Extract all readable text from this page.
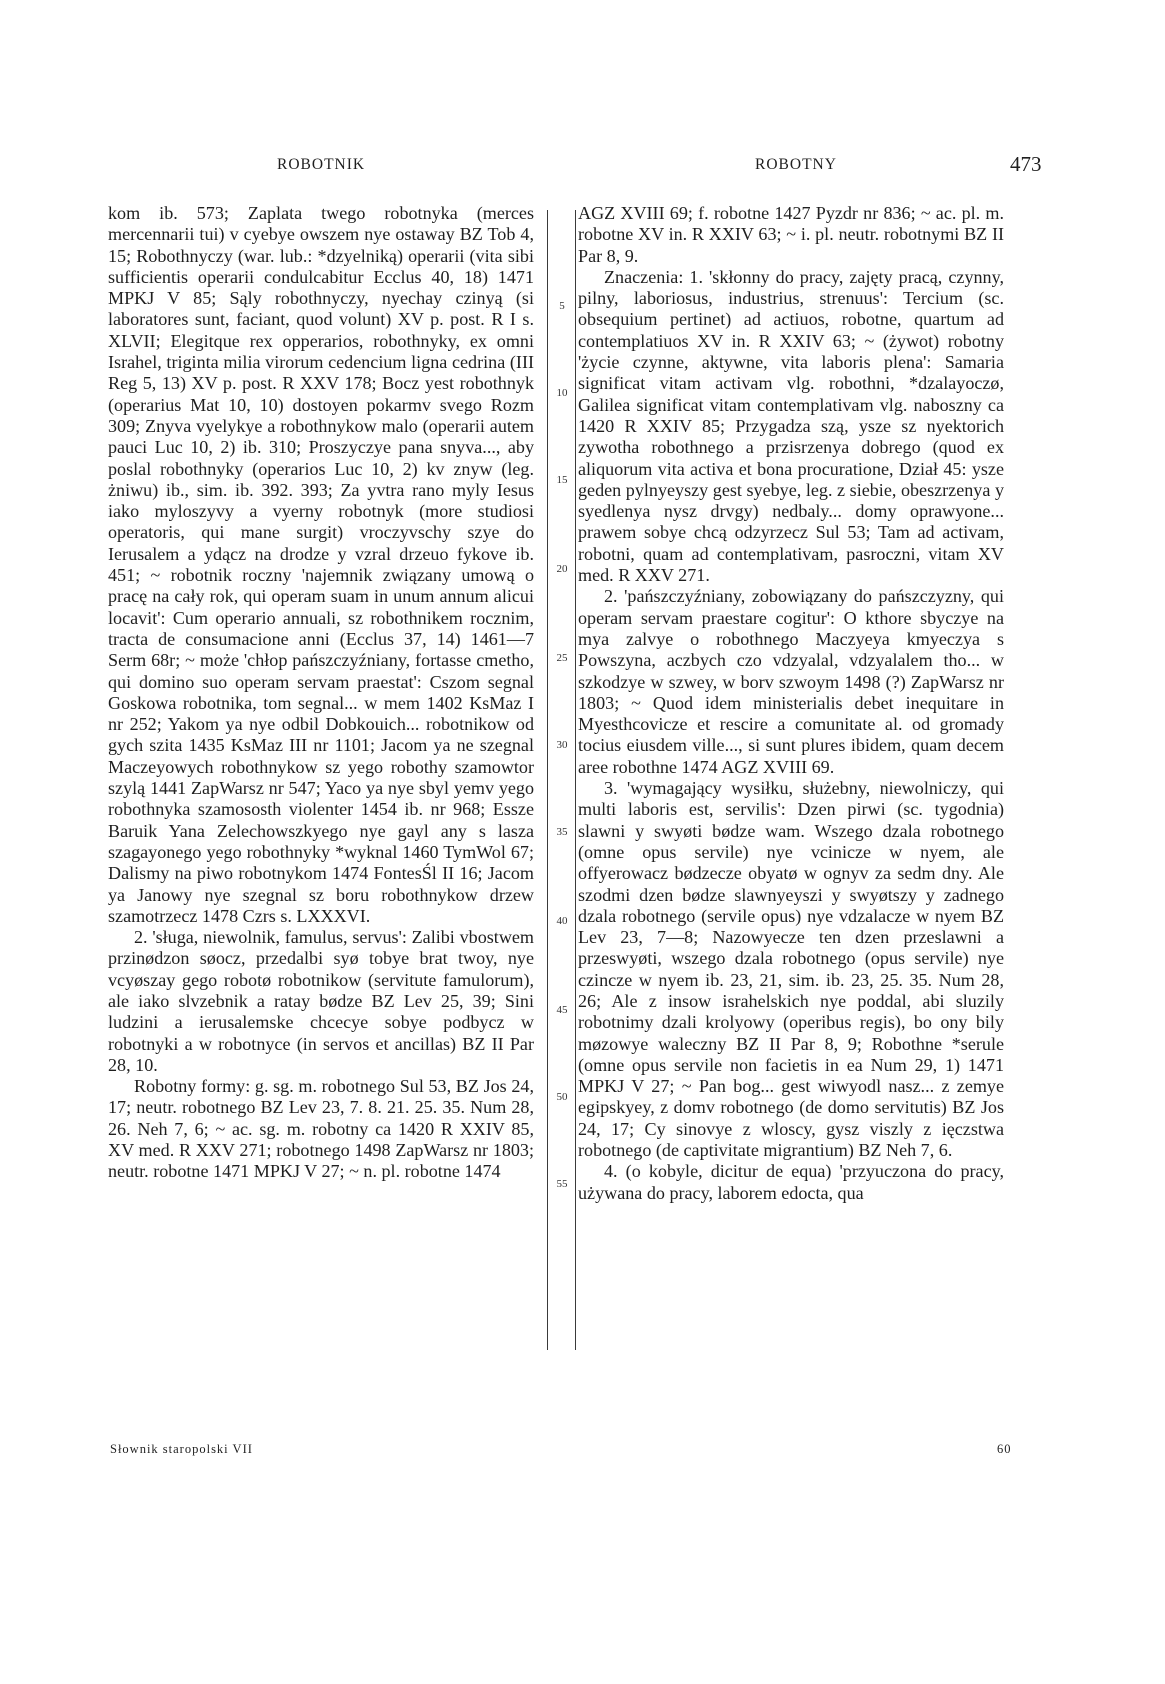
ROBOTNIK	ROBOTNY	473

kom ib. 573; Zaplata twego robotnyka (merces mercennarii tui) v cyebye owszem nye ostaway BZ Tob 4, 15; Robothnyczy (war. lub.: *dzyelniką) operarii (vita sibi sufficientis operarii condulcabitur Ecclus 40, 18) 1471 MPKJ V 85; Sąly robothnyczy, nyechay czinyą (si laboratores sunt, faciant, quod volunt) XV p. post. R I s. XLVII; Elegitque rex opperarios, robothnyky, ex omni Israhel, triginta milia virorum cedencium ligna cedrina (III Reg 5, 13) XV p. post. R XXV 178; Bocz yest robothnyk (operarius Mat 10, 10) dostoyen pokarmv svego Rozm 309; Znyva vyelykye a robothnykow malo (operarii autem pauci Luc 10, 2) ib. 310; Proszyczye pana snyva..., aby poslal robothnyky (operarios Luc 10, 2) kv znyw (leg. żniwu) ib., sim. ib. 392. 393; Za yvtra rano myly Iesus iako myloszyvy a vyerny robotnyk (more studiosi operatoris, qui mane surgit) vroczyvschy szye do Ierusalem a ydącz na drodze y vzral drzeuo fykove ib. 451; ~ robotnik roczny 'najemnik związany umową o pracę na cały rok, qui operam suam in unum annum alicui locavit': Cum operario annuali, sz robothnikem rocznim, tracta de consumacione anni (Ecclus 37, 14) 1461—7 Serm 68r; ~ może 'chłop pańszczyźniany, fortasse cmetho, qui domino suo operam servam praestat': Cszom segnal Goskowa robotnika, tom segnal... w mem 1402 KsMaz I nr 252; Yakom ya nye odbil Dobkouich... robotnikow od gych szita 1435 KsMaz III nr 1101; Jacom ya ne szegnal Maczeyowych robothnykow sz yego robothy szamowtor szylą 1441 ZapWarsz nr 547; Yaco ya nye sbyl yemv yego robothnyka szamososth violenter 1454 ib. nr 968; Essze Baruik Yana Zelechowszkyego nye gayl any s lasza szagayonego yego robothnyky *wyknal 1460 TymWol 67; Dalismy na piwo robotnykom 1474 FontesŚl II 16; Jacom ya Janowy nye szegnal sz boru robothnykow drzew szamotrzecz 1478 Czrs s. LXXXVI.

2. 'sługa, niewolnik, famulus, servus': Zalibi vbostwem przinødzon søocz, przedalbi syø tobye brat twoy, nye vcyøszay gego robotø robotnikow (servitute famulorum), ale iako slvzebnik a ratay bødze BZ Lev 25, 39; Sini ludzini a ierusalemske chcecye sobye podbycz w robotnyki a w robotnyce (in servos et ancillas) BZ II Par 28, 10.

Robotny formy: g. sg. m. robotnego Sul 53, BZ Jos 24, 17; neutr. robotnego BZ Lev 23, 7. 8. 21. 25. 35. Num 28, 26. Neh 7, 6; ~ ac. sg. m. robotny ca 1420 R XXIV 85, XV med. R XXV 271; robotnego 1498 ZapWarsz nr 1803; neutr. robotne 1471 MPKJ V 27; ~ n. pl. robotne 1474

5
10
15
20
25
30
35
40
45
50
55

AGZ XVIII 69; f. robotne 1427 Pyzdr nr 836; ~ ac. pl. m. robotne XV in. R XXIV 63; ~ i. pl. neutr. robotnymi BZ II Par 8, 9.

Znaczenia: 1. 'skłonny do pracy, zajęty pracą, czynny, pilny, laboriosus, industrius, strenuus': Tercium (sc. obsequium pertinet) ad actiuos, robotne, quartum ad contemplatiuos XV in. R XXIV 63; ~ (żywot) robotny 'życie czynne, aktywne, vita laboris plena': Samaria significat vitam activam vlg. robothni, *dzalayoczø, Galilea significat vitam contemplativam vlg. naboszny ca 1420 R XXIV 85; Przygadza szą, ysze sz nyektorich zywotha robothnego a przisrzenya dobrego (quod ex aliquorum vita activa et bona procuratione, Dział 45: ysze geden pylnyeyszy gest syebye, leg. z siebie, obeszrzenya y syedlenya nysz drvgy) nedbaly... domy oprawyone... prawem sobye chcą odzyrzecz Sul 53; Tam ad activam, robotni, quam ad contemplativam, pasroczni, vitam XV med. R XXV 271.

2. 'pańszczyźniany, zobowiązany do pańszczyzny, qui operam servam praestare cogitur': O kthore sbyczye na mya zalvye o robothnego Maczyeya kmyeczya s Powszyna, aczbych czo vdzyalal, vdzyalalem tho... w szkodzye w szwey, w borv szwoym 1498 (?) ZapWarsz nr 1803; ~ Quod idem ministerialis debet inequitare in Myesthcovicze et rescire a comunitate al. od gromady tocius eiusdem ville..., si sunt plures ibidem, quam decem aree robothne 1474 AGZ XVIII 69.

3. 'wymagający wysiłku, służebny, niewolniczy, qui multi laboris est, servilis': Dzen pirwi (sc. tygodnia) slawni y swyøti bødze wam. Wszego dzala robotnego (omne opus servile) nye vcinicze w nyem, ale offyerowacz bødzecze obyatø w ognyv za sedm dny. Ale szodmi dzen bødze slawnyeyszi y swyøtszy y zadnego dzala robotnego (servile opus) nye vdzalacze w nyem BZ Lev 23, 7—8; Nazowyecze ten dzen przeslawni a przeswyøti, wszego dzala robotnego (opus servile) nye czincze w nyem ib. 23, 21, sim. ib. 23, 25. 35. Num 28, 26; Ale z insow israhelskich nye poddal, abi sluzily robotnimy dzali krolyowy (operibus regis), bo ony bily møzowye waleczny BZ II Par 8, 9; Robothne *serule (omne opus servile non facietis in ea Num 29, 1) 1471 MPKJ V 27; ~ Pan bog... gest wiwyodl nasz... z zemye egipskyey, z domv robotnego (de domo servitutis) BZ Jos 24, 17; Cy sinovye z wloscy, gysz viszly z ięczstwa robotnego (de captivitate migrantium) BZ Neh 7, 6.

4. (o kobyle, dicitur de equa) 'przyuczona do pracy, używana do pracy, laborem edocta, qua

Słownik staropolski VII	60
